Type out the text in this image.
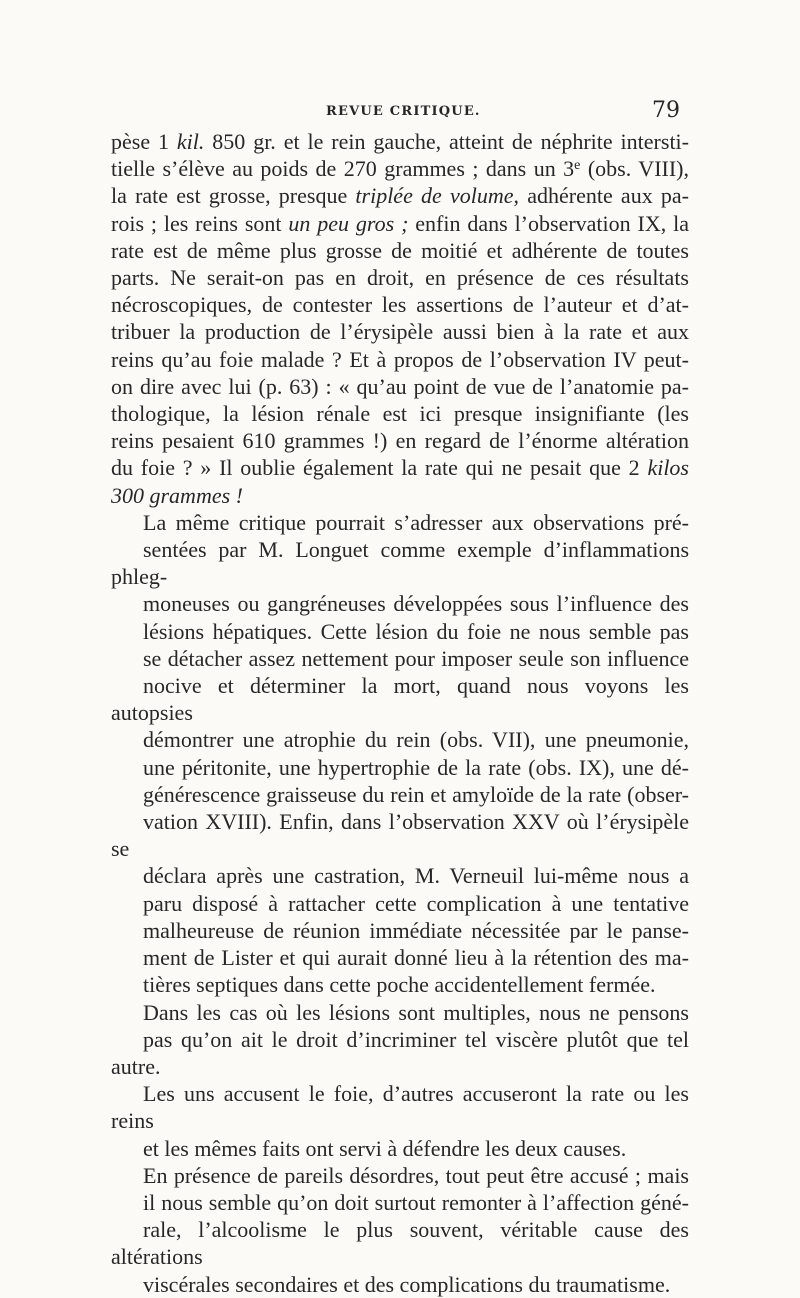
REVUE CRITIQUE.	79

pèse 1 kil. 850 gr. et le rein gauche, atteint de néphrite intersti-
tielle s’élève au poids de 270 grammes ; dans un 3e (obs. VIII),
la rate est grosse, presque triplée de volume, adhérente aux pa-
rois ; les reins sont un peu gros ; enfin dans l’observation IX, la
rate est de même plus grosse de moitié et adhérente de toutes
parts. Ne serait-on pas en droit, en présence de ces résultats
nécroscopiques, de contester les assertions de l’auteur et d’at-
tribuer la production de l’érysipèle aussi bien à la rate et aux
reins qu’au foie malade ? Et à propos de l’observation IV peut-
on dire avec lui (p. 63) : « qu’au point de vue de l’anatomie pa-
thologique, la lésion rénale est ici presque insignifiante (les
reins pesaient 610 grammes !) en regard de l’énorme altération
du foie ? » Il oublie également la rate qui ne pesait que 2 kilos
300 grammes !

La même critique pourrait s’adresser aux observations pré-
sentées par M. Longuet comme exemple d’inflammations phleg-
moneuses ou gangréneuses développées sous l’influence des
lésions hépatiques. Cette lésion du foie ne nous semble pas
se détacher assez nettement pour imposer seule son influence
nocive et déterminer la mort, quand nous voyons les autopsies
démontrer une atrophie du rein (obs. VII), une pneumonie,
une péritonite, une hypertrophie de la rate (obs. IX), une dé-
générescence graisseuse du rein et amyloïde de la rate (obser-
vation XVIII). Enfin, dans l’observation XXV où l’érysipèle se
déclara après une castration, M. Verneuil lui-même nous a
paru disposé à rattacher cette complication à une tentative
malheureuse de réunion immédiate nécessitée par le panse-
ment de Lister et qui aurait donné lieu à la rétention des ma-
tières septiques dans cette poche accidentellement fermée.

Dans les cas où les lésions sont multiples, nous ne pensons
pas qu’on ait le droit d’incriminer tel viscère plutôt que tel autre.
Les uns accusent le foie, d’autres accuseront la rate ou les reins
et les mêmes faits ont servi à défendre les deux causes.

En présence de pareils désordres, tout peut être accusé ; mais
il nous semble qu’on doit surtout remonter à l’affection géné-
rale, l’alcoolisme le plus souvent, véritable cause des altérations
viscérales secondaires et des complications du traumatisme.
